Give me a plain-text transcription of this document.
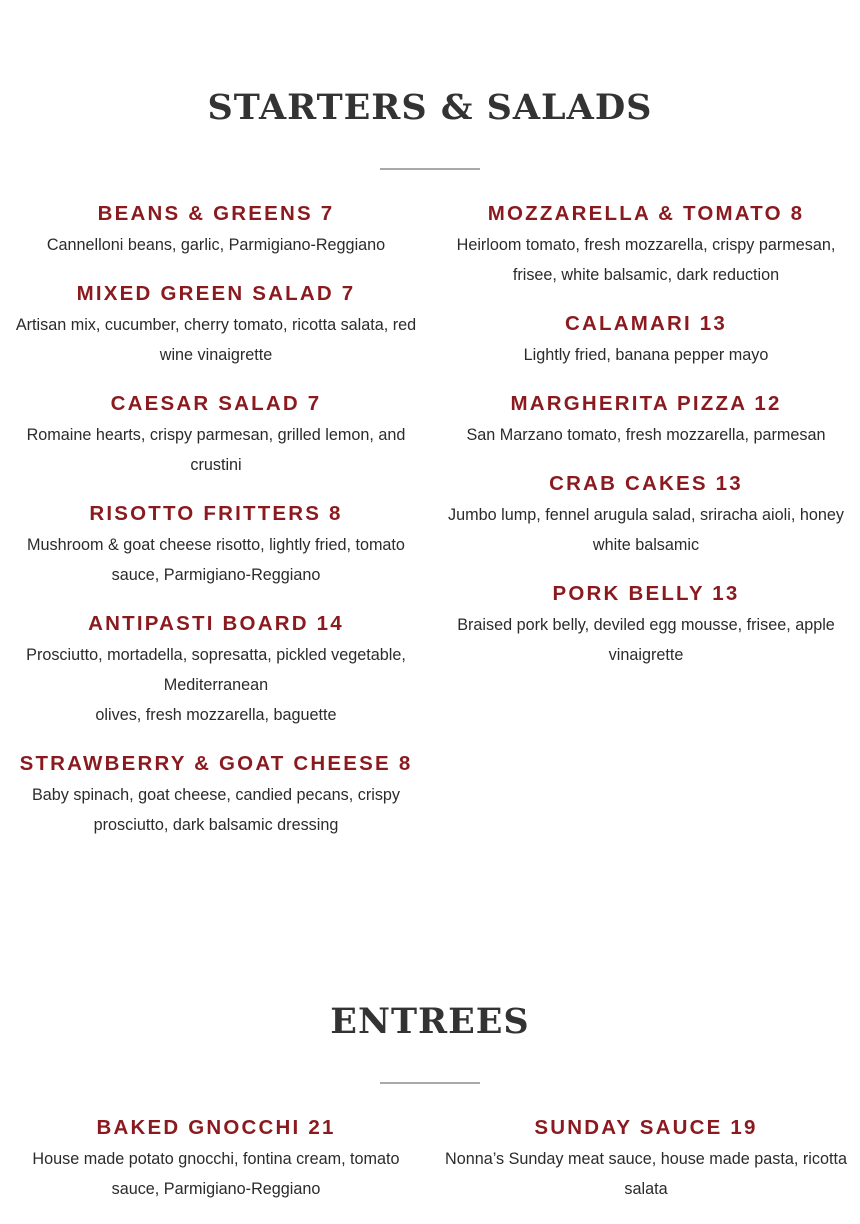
STARTERS & SALADS
BEANS & GREENS 7

Cannelloni beans, garlic, Parmigiano-Reggiano

MIXED GREEN SALAD 7

Artisan mix, cucumber, cherry tomato, ricotta salata, red wine vinaigrette

CAESAR SALAD 7

Romaine hearts, crispy parmesan, grilled lemon, and crustini

RISOTTO FRITTERS 8

Mushroom & goat cheese risotto, lightly fried, tomato sauce, Parmigiano-Reggiano

ANTIPASTI BOARD 14

Prosciutto, mortadella, sopresatta, pickled vegetable, Mediterranean
olives, fresh mozzarella, baguette

STRAWBERRY & GOAT CHEESE 8

Baby spinach, goat cheese, candied pecans, crispy prosciutto, dark balsamic dressing

MOZZARELLA & TOMATO 8

Heirloom tomato, fresh mozzarella, crispy parmesan, frisee, white balsamic, dark reduction

CALAMARI 13

Lightly fried, banana pepper mayo

MARGHERITA PIZZA 12

San Marzano tomato, fresh mozzarella, parmesan

CRAB CAKES 13

Jumbo lump, fennel arugula salad, sriracha aioli, honey white balsamic

PORK BELLY 13

Braised pork belly, deviled egg mousse, frisee, apple vinaigrette

ENTREES
BAKED GNOCCHI 21

House made potato gnocchi, fontina cream, tomato sauce, Parmigiano-Reggiano

SUNDAY SAUCE 19

Nonna’s Sunday meat sauce, house made pasta, ricotta salata
